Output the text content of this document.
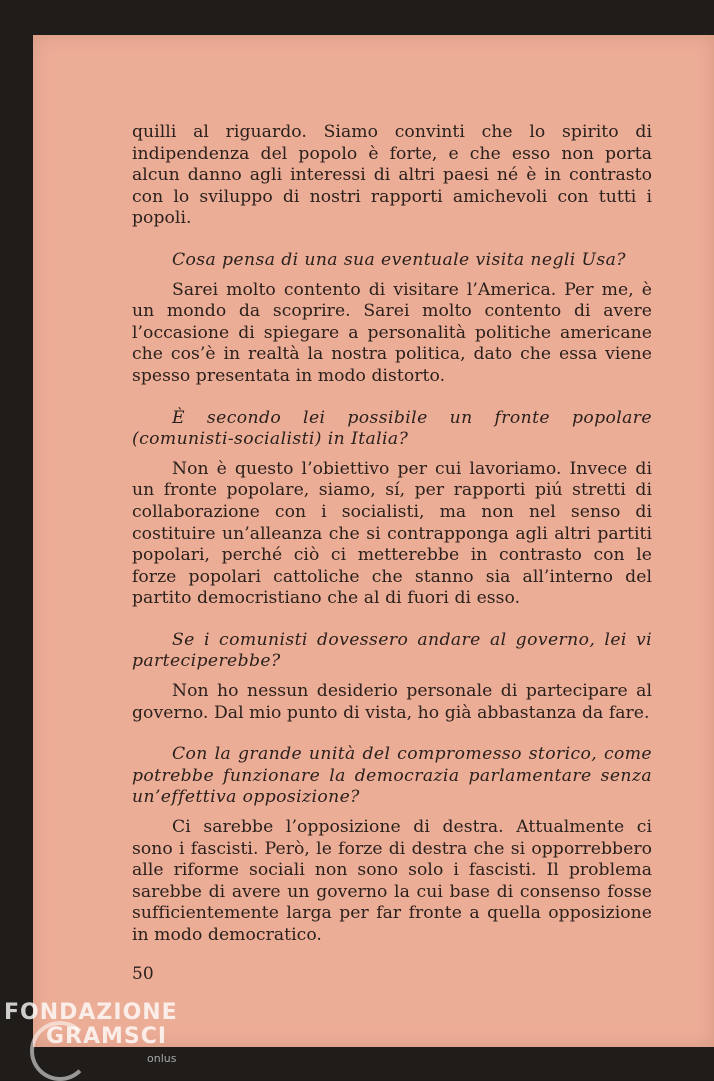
quilli al riguardo. Siamo convinti che lo spirito di indipendenza del popolo è forte, e che esso non porta alcun danno agli interessi di altri paesi né è in contrasto con lo sviluppo di nostri rapporti amichevoli con tutti i popoli.

Cosa pensa di una sua eventuale visita negli Usa?

Sarei molto contento di visitare l’America. Per me, è un mondo da scoprire. Sarei molto contento di avere l’occasione di spiegare a personalità politiche americane che cos’è in realtà la nostra politica, dato che essa viene spesso presentata in modo distorto.

È secondo lei possibile un fronte popolare (comunisti-socialisti) in Italia?

Non è questo l’obiettivo per cui lavoriamo. Invece di un fronte popolare, siamo, sí, per rapporti piú stretti di collaborazione con i socialisti, ma non nel senso di costituire un’alleanza che si contrapponga agli altri partiti popolari, perché ciò ci metterebbe in contrasto con le forze popolari cattoliche che stanno sia all’interno del partito democristiano che al di fuori di esso.

Se i comunisti dovessero andare al governo, lei vi parteciperebbe?

Non ho nessun desiderio personale di partecipare al governo. Dal mio punto di vista, ho già abbastanza da fare.

Con la grande unità del compromesso storico, come potrebbe funzionare la democrazia parlamentare senza un’effettiva opposizione?

Ci sarebbe l’opposizione di destra. Attualmente ci sono i fascisti. Però, le forze di destra che si opporrebbero alle riforme sociali non sono solo i fascisti. Il problema sarebbe di avere un governo la cui base di consenso fosse sufficientemente larga per far fronte a quella opposizione in modo democratico.

50
FONDAZIONE
GRAMSCI
onlus
